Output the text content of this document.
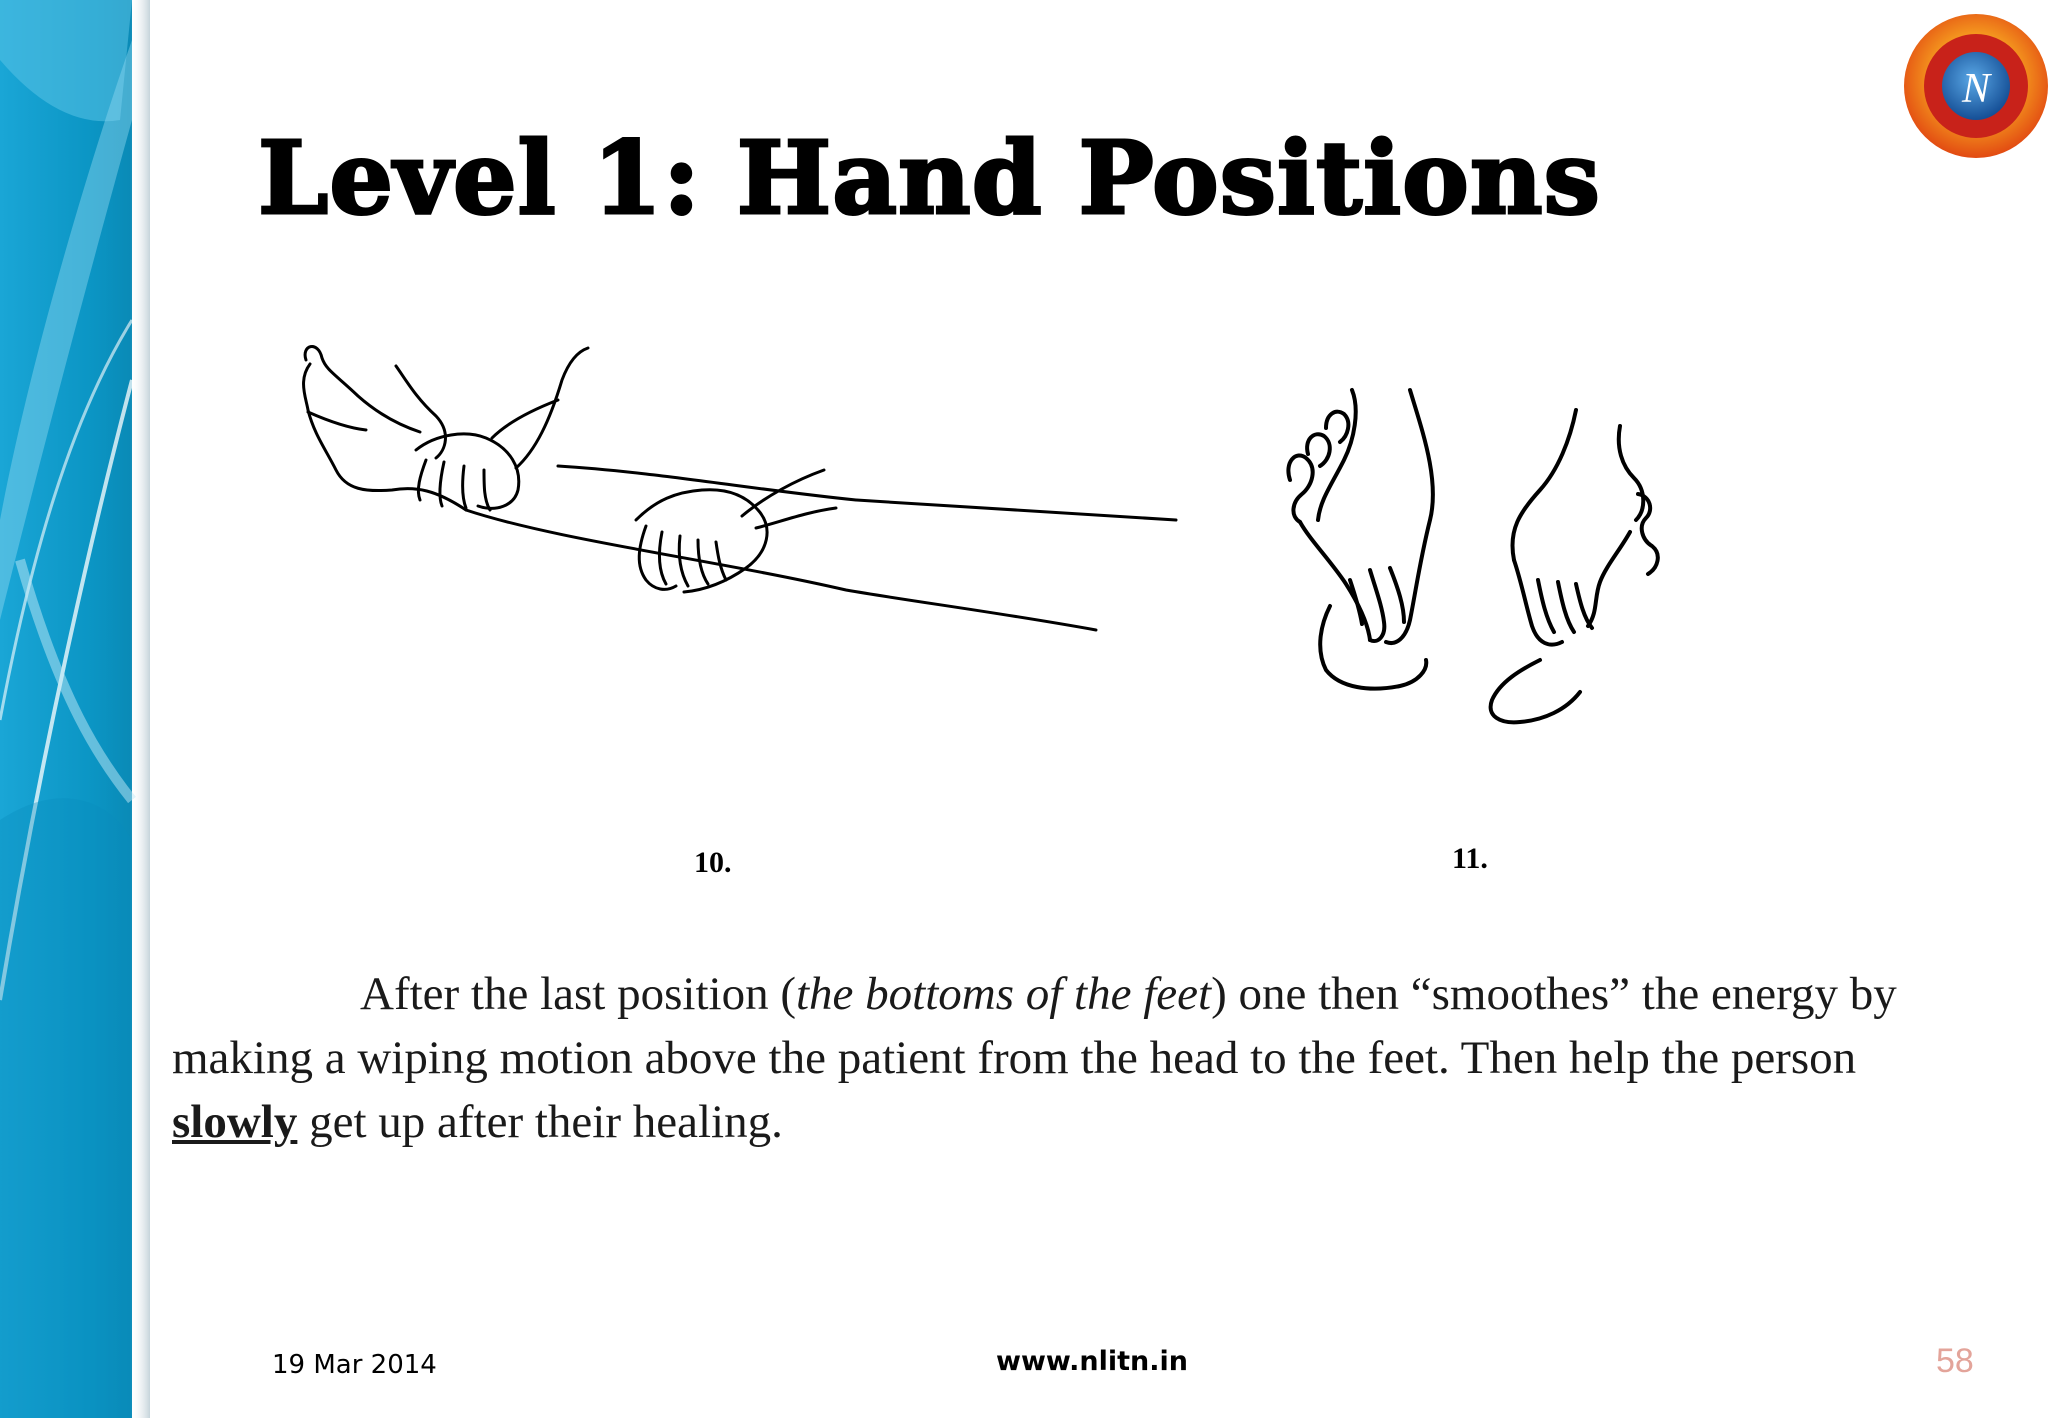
N
Level 1: Hand Positions
10.	11.

After the last position (the bottoms of the feet) one then “smoothes” the energy by making a wiping motion above the patient from the head to the feet. Then help the person slowly get up after their healing.

19 Mar 2014	www.nlitn.in	58
